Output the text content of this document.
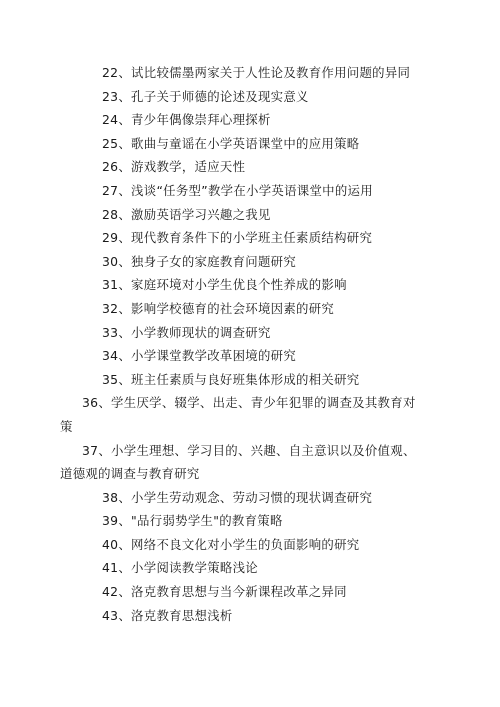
22、试比较儒墨两家关于人性论及教育作用问题的异同
23、孔子关于师德的论述及现实意义
24、青少年偶像崇拜心理探析
25、歌曲与童谣在小学英语课堂中的应用策略
26、游戏教学，适应天性
27、浅谈“任务型”教学在小学英语课堂中的运用
28、激励英语学习兴趣之我见
29、现代教育条件下的小学班主任素质结构研究
30、独身子女的家庭教育问题研究
31、家庭环境对小学生优良个性养成的影响
32、影响学校德育的社会环境因素的研究
33、小学教师现状的调查研究
34、小学课堂教学改革困境的研究
35、班主任素质与良好班集体形成的相关研究
36、学生厌学、辍学、出走、青少年犯罪的调查及其教育对策
37、小学生理想、学习目的、兴趣、自主意识以及价值观、道德观的调查与教育研究
38、小学生劳动观念、劳动习惯的现状调查研究
39、"品行弱势学生"的教育策略
40、网络不良文化对小学生的负面影响的研究
41、小学阅读教学策略浅论
42、洛克教育思想与当今新课程改革之异同
43、洛克教育思想浅析
